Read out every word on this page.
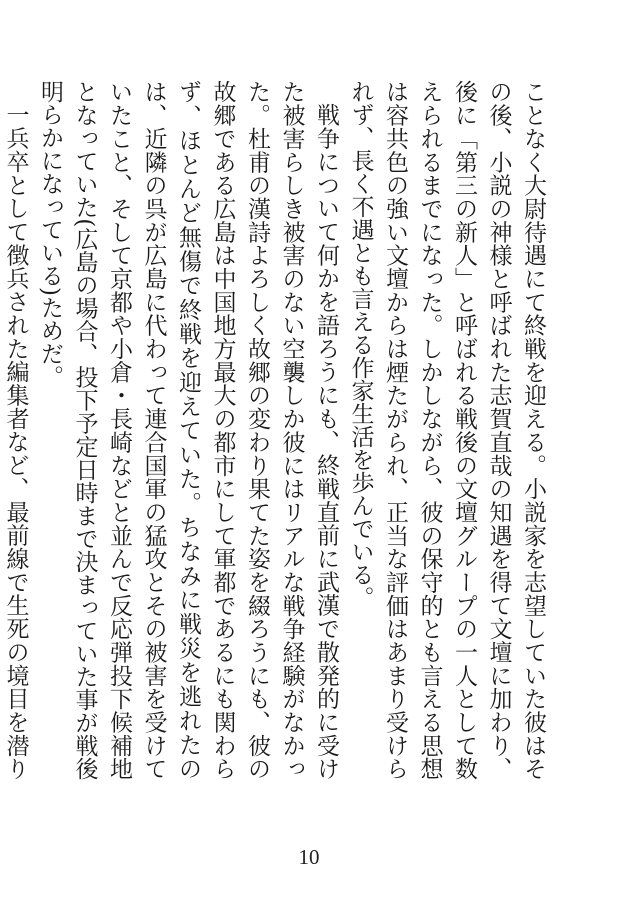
ことなく大尉待遇にて終戦を迎える。小説家を志望していた彼はその後、小説の神様と呼ばれた志賀直哉の知遇を得て文壇に加わり、後に「第三の新人」と呼ばれる戦後の文壇グループの一人として数えられるまでになった。しかしながら、彼の保守的とも言える思想は容共色の強い文壇からは煙たがられ、正当な評価はあまり受けられず、長く不遇とも言える作家生活を歩んでいる。

戦争について何かを語ろうにも、終戦直前に武漢で散発的に受けた被害らしき被害のない空襲しか彼にはリアルな戦争経験がなかった。杜甫の漢詩よろしく故郷の変わり果てた姿を綴ろうにも、彼の故郷である広島は中国地方最大の都市にして軍都であるにも関わらず、ほとんど無傷で終戦を迎えていた。ちなみに戦災を逃れたのは、近隣の呉が広島に代わって連合国軍の猛攻とその被害を受けていたこと、そして京都や小倉・長崎などと並んで反応弾投下候補地となっていた(広島の場合、投下予定日時まで決まっていた事が戦後明らかになっている)ためだ。

一兵卒として徴兵された編集者など、最前線で生死の境目を潜り

10
